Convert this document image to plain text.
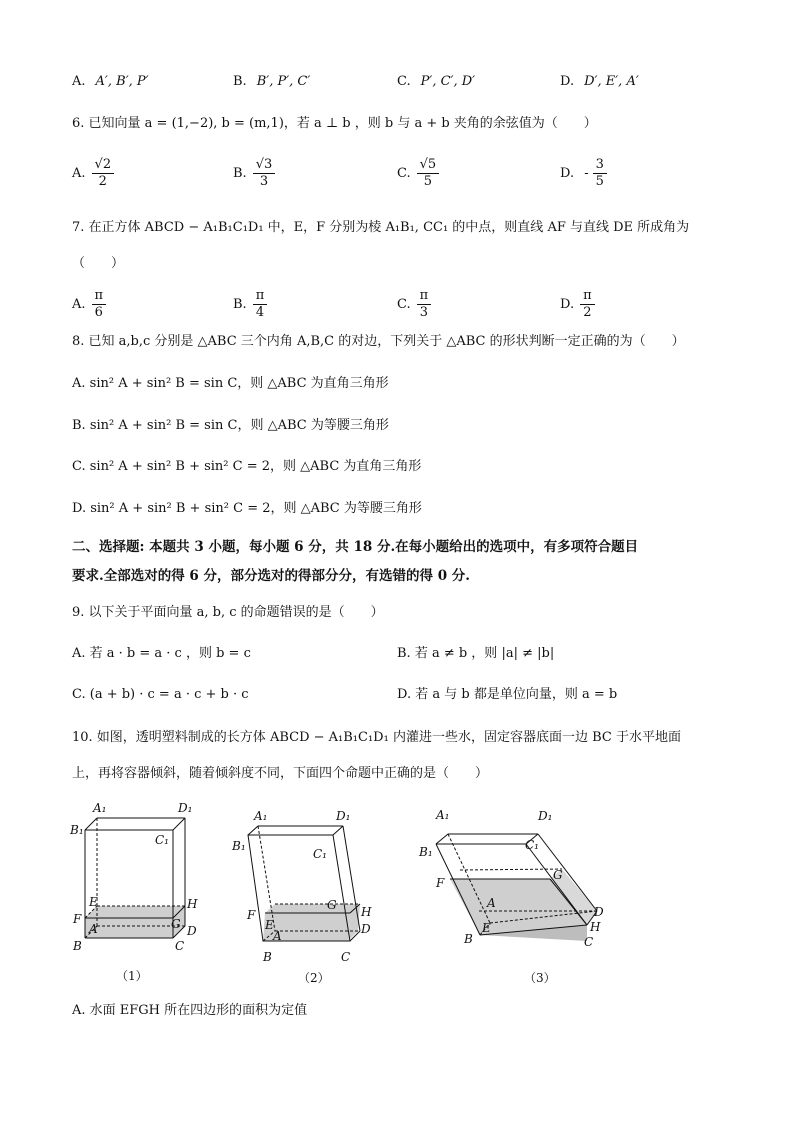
A. A′, B′, P′	B. B′, P′, C′	C. P′, C′, D′	D. D′, E′, A′
6. 已知向量 a = (1,−2), b = (m,1)，若 a ⊥ b ，则 b 与 a + b 夹角的余弦值为（　　）
A. $\frac{√2}{2}$	B. $\frac{√3}{3}$	C. $\frac{√5}{5}$	D. - $\frac{3}{5}$
7. 在正方体 ABCD − A₁B₁C₁D₁ 中，E，F 分别为棱 A₁B₁, CC₁ 的中点，则直线 AF 与直线 DE 所成角为
（　　）
A. $\frac{\pi}{6}$	B. $\frac{\pi}{4}$	C. $\frac{\pi}{3}$	D. $\frac{\pi}{2}$
8. 已知 a,b,c 分别是 △ABC 三个内角 A,B,C 的对边，下列关于 △ABC 的形状判断一定正确的为（　　）
A. sin² A + sin² B = sin C，则 △ABC 为直角三角形
B. sin² A + sin² B = sin C，则 △ABC 为等腰三角形
C. sin² A + sin² B + sin² C = 2，则 △ABC 为直角三角形
D. sin² A + sin² B + sin² C = 2，则 △ABC 为等腰三角形
二、选择题: 本题共 3 小题，每小题 6 分，共 18 分.在每小题给出的选项中，有多项符合题目
要求.全部选对的得 6 分，部分选对的得部分分，有选错的得 0 分.
9. 以下关于平面向量 a, b, c 的命题错误的是（　　）
A. 若 a · b = a · c ，则 b = c	B. 若 a ≠ b ，则 |a| ≠ |b|
C. (a + b) · c = a · c + b · c	D. 若 a 与 b 都是单位向量，则 a = b
10. 如图，透明塑料制成的长方体 ABCD − A₁B₁C₁D₁ 内灌进一些水，固定容器底面一边 BC 于水平地面
上，再将容器倾斜，随着倾斜度不同，下面四个命题中正确的是（　　）
A₁	D₁
B₁
C₁
E	H
F	G
A	D
B	C
（1）
A₁	D₁
B₁
C₁
G H
F
E
A	D
B	C
（2）
A₁	D₁
B₁	C₁
F
G
A
D
E	H
B	C
（3）
A. 水面 EFGH 所在四边形的面积为定值
